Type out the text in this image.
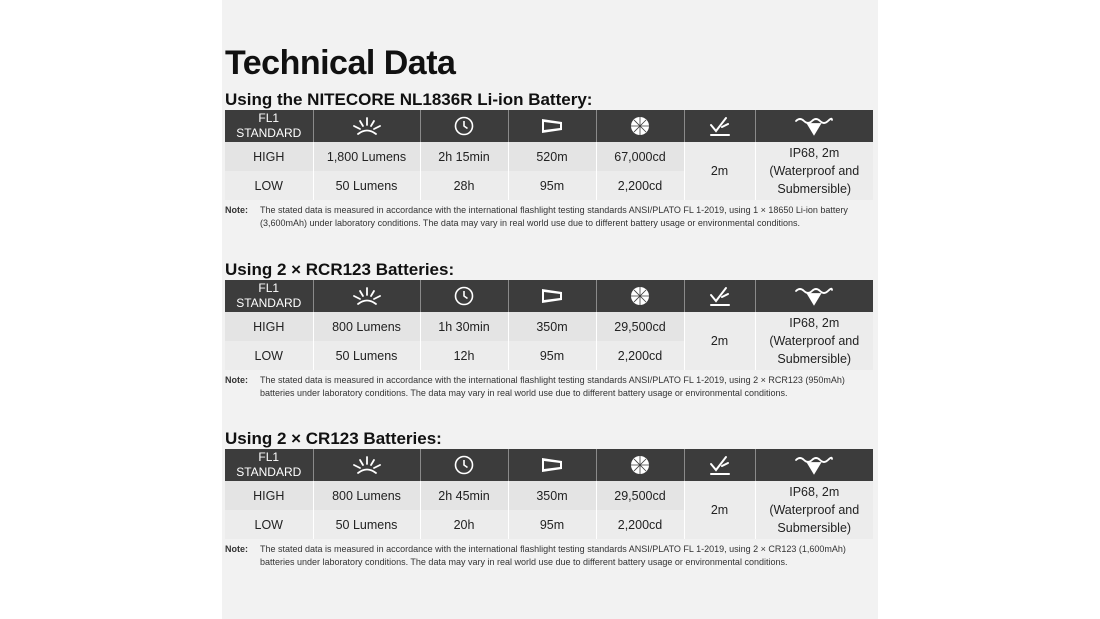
Technical Data
Using the NITECORE NL1836R Li-ion Battery:
FL1 STANDARD	

HIGH	1,800 Lumens	2h 15min	520m	67,000cd	2m	IP68, 2m (Waterproof and Submersible)
LOW	50 Lumens	28h	95m	2,200cd		
Note:	The stated data is measured in accordance with the international flashlight testing standards ANSI/PLATO FL 1-2019, using 1 × 18650 Li-ion battery (3,600mAh) under laboratory conditions. The data may vary in real world use due to different battery usage or environmental conditions.
Using 2 × RCR123 Batteries:
FL1 STANDARD	

HIGH	800 Lumens	1h 30min	350m	29,500cd	2m	IP68, 2m (Waterproof and Submersible)
LOW	50 Lumens	12h	95m	2,200cd		
Note:	The stated data is measured in accordance with the international flashlight testing standards ANSI/PLATO FL 1-2019, using 2 × RCR123 (950mAh) batteries under laboratory conditions. The data may vary in real world use due to different battery usage or environmental conditions.
Using 2 × CR123 Batteries:
FL1 STANDARD	

HIGH	800 Lumens	2h 45min	350m	29,500cd	2m	IP68, 2m (Waterproof and Submersible)
LOW	50 Lumens	20h	95m	2,200cd		
Note:	The stated data is measured in accordance with the international flashlight testing standards ANSI/PLATO FL 1-2019, using 2 × CR123 (1,600mAh) batteries under laboratory conditions. The data may vary in real world use due to different battery usage or environmental conditions.
